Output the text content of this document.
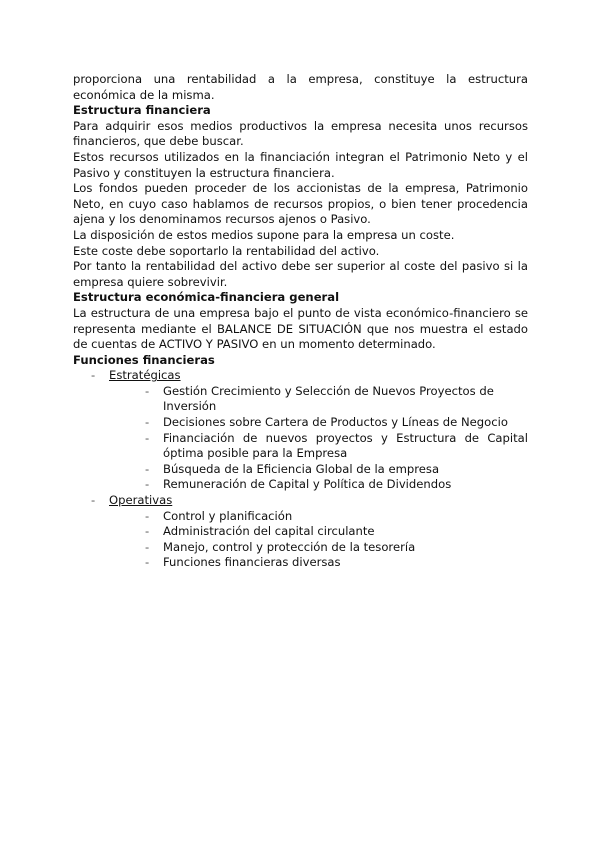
proporciona una rentabilidad a la empresa, constituye la estructura económica de la misma.

Estructura financiera

Para adquirir esos medios productivos la empresa necesita unos recursos financieros, que debe buscar.

Estos recursos utilizados en la financiación integran el Patrimonio Neto y el Pasivo y constituyen la estructura financiera.

Los fondos pueden proceder de los accionistas de la empresa, Patrimonio Neto, en cuyo caso hablamos de recursos propios, o bien tener procedencia ajena y los denominamos recursos ajenos o Pasivo.

La disposición de estos medios supone para la empresa un coste.

Este coste debe soportarlo la rentabilidad del activo.

Por tanto la rentabilidad del activo debe ser superior al coste del pasivo si la empresa quiere sobrevivir.

Estructura económica-financiera general

La estructura de una empresa bajo el punto de vista económico-financiero se representa mediante el BALANCE DE SITUACIÓN que nos muestra el estado de cuentas de ACTIVO Y PASIVO en un momento determinado.

Funciones financieras

- Estratégicas
- Gestión Crecimiento y Selección de Nuevos Proyectos de Inversión
- Decisiones sobre Cartera de Productos y Líneas de Negocio
- Financiación de nuevos proyectos y Estructura de Capital óptima posible para la Empresa
- Búsqueda de la Eficiencia Global de la empresa
- Remuneración de Capital y Política de Dividendos
- Operativas
- Control y planificación
- Administración del capital circulante
- Manejo, control y protección de la tesorería
- Funciones financieras diversas
